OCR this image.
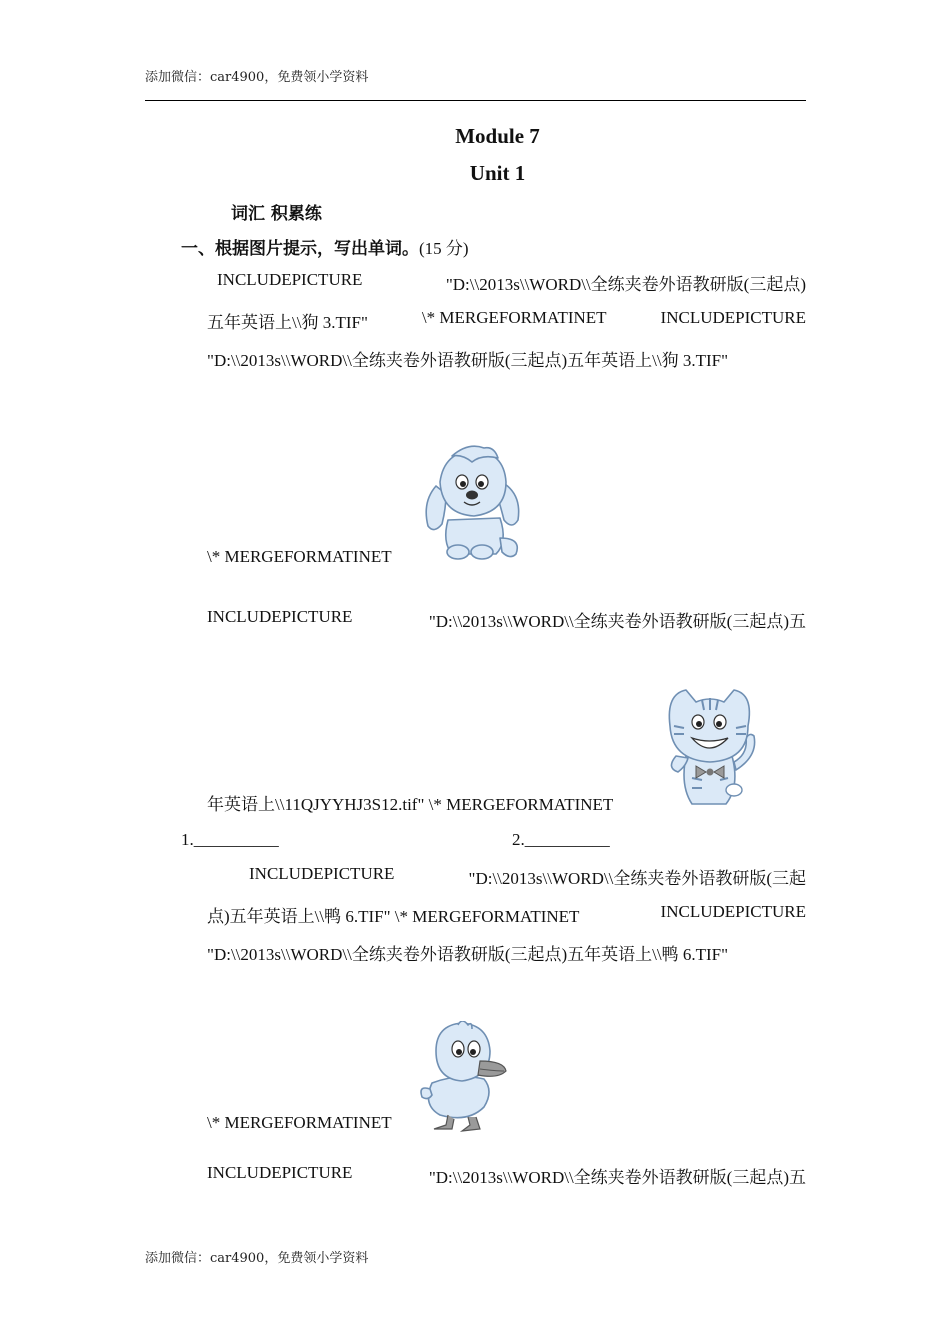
添加微信：car4900，免费领小学资料
Module 7
Unit 1
词汇 积累练
一、根据图片提示，写出单词。(15 分)
INCLUDEPICTURE	"D:\\2013s\\WORD\\全练夹卷外语教研版(三起点)
五年英语上\\狗 3.TIF"	\* MERGEFORMATINET	INCLUDEPICTURE
"D:\\2013s\\WORD\\全练夹卷外语教研版(三起点)五年英语上\\狗 3.TIF"
\* MERGEFORMATINET
INCLUDEPICTURE	"D:\\2013s\\WORD\\全练夹卷外语教研版(三起点)五
年英语上\\11QJYYHJ3S12.tif" \* MERGEFORMATINET
1.__________	2.__________
INCLUDEPICTURE	"D:\\2013s\\WORD\\全练夹卷外语教研版(三起
点)五年英语上\\鸭 6.TIF" \* MERGEFORMATINET	INCLUDEPICTURE
"D:\\2013s\\WORD\\全练夹卷外语教研版(三起点)五年英语上\\鸭 6.TIF"
\* MERGEFORMATINET
INCLUDEPICTURE	"D:\\2013s\\WORD\\全练夹卷外语教研版(三起点)五
添加微信：car4900，免费领小学资料
